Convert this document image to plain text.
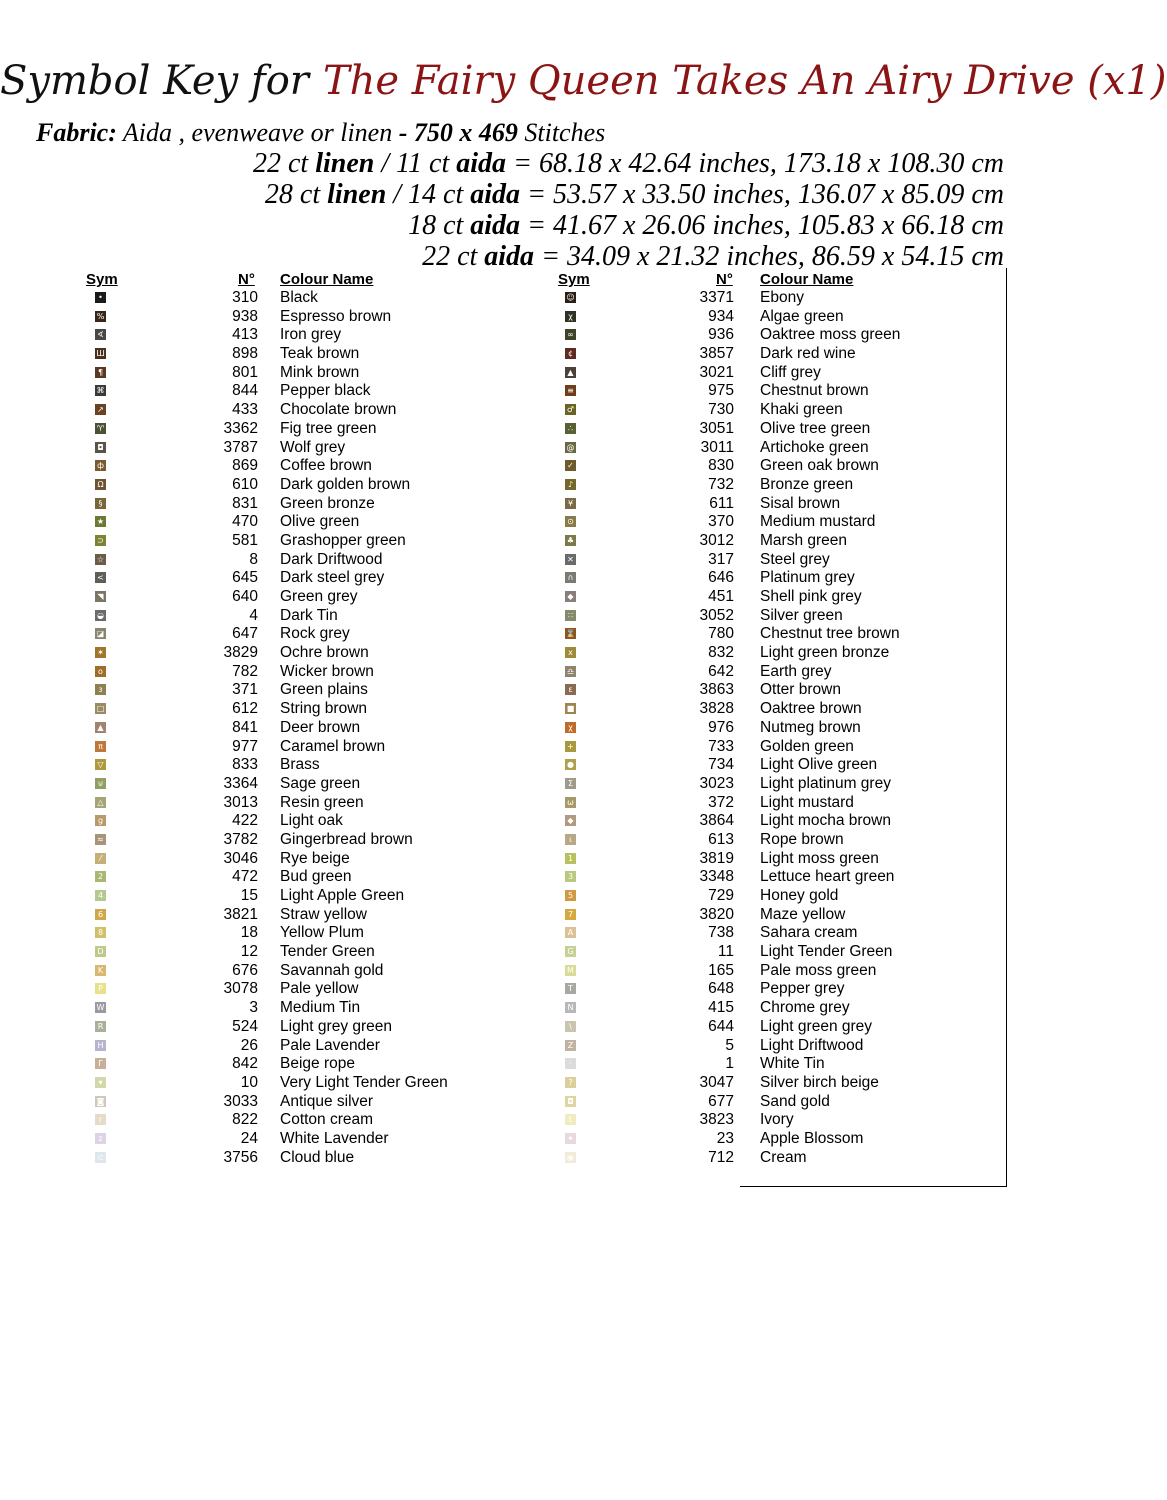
Symbol Key for The Fairy Queen Takes An Airy Drive (x1)
Fabric: Aida , evenweave or linen - 750 x 469 Stitches
22 ct linen / 11 ct aida = 68.18 x 42.64 inches, 173.18 x 108.30 cm
28 ct linen / 14 ct aida = 53.57 x 33.50 inches, 136.07 x 85.09 cm
18 ct aida = 41.67 x 26.06 inches, 105.83 x 66.18 cm
22 ct aida = 34.09 x 21.32 inches, 86.59 x 54.15 cm
Sym	N° Colour Name
•	310 Black
%	938 Espresso brown
∢	413 Iron grey
Ш	898 Teak brown
¶	801 Mink brown
⌘	844 Pepper black
↗	433 Chocolate brown
♈	3362 Fig tree green
◘	3787 Wolf grey
ф	869 Coffee brown
Ω	610 Dark golden brown
§	831 Green bronze
★	470 Olive green
⊃	581 Grashopper green
☆	8 Dark Driftwood
<	645 Dark steel grey
◥	640 Green grey
◒	4 Dark Tin
◪	647 Rock grey
✶	3829 Ochre brown
o	782 Wicker brown
ɜ	371 Green plains
□	612 String brown
▲	841 Deer brown
π	977 Caramel brown
▽	833 Brass
⊍	3364 Sage green
△	3013 Resin green
g	422 Light oak
≈	3782 Gingerbread brown
⁄	3046 Rye beige
2	472 Bud green
4	15 Light Apple Green
6	3821 Straw yellow
8	18 Yellow Plum
D	12 Tender Green
K	676 Savannah gold
P	3078 Pale yellow
W	3 Medium Tin
R	524 Light grey green
H	26 Pale Lavender
Γ	842 Beige rope
▾	10 Very Light Tender Green
◙	3033 Antique silver
r	822 Cotton cream
z	24 White Lavender
⊂	3756 Cloud blue
Sym	N° Colour Name
☺	3371 Ebony
χ	934 Algae green
∞	936 Oaktree moss green
¢	3857 Dark red wine
▲	3021 Cliff grey
≡	975 Chestnut brown
♂	730 Khaki green
∴	3051 Olive tree green
@	3011 Artichoke green
✓	830 Green oak brown
♪	732 Bronze green
¥	611 Sisal brown
⊙	370 Medium mustard
♣	3012 Marsh green
✕	317 Steel grey
∩	646 Platinum grey
◆	451 Shell pink grey
∷	3052 Silver green
⌛	780 Chestnut tree brown
x	832 Light green bronze
♎	642 Earth grey
ε	3863 Otter brown
■	3828 Oaktree brown
χ	976 Nutmeg brown
+	733 Golden green
●	734 Light Olive green
Σ	3023 Light platinum grey
ω	372 Light mustard
◆	3864 Light mocha brown
ι	613 Rope brown
1	3819 Light moss green
3	3348 Lettuce heart green
5	729 Honey gold
7	3820 Maze yellow
A	738 Sahara cream
G	11 Light Tender Green
M	165 Pale moss green
T	648 Pepper grey
N	415 Chrome grey
\	644 Light green grey
Z	5 Light Driftwood
·	1 White Tin
?	3047 Silver birch beige
◘	677 Sand gold
t	3823 Ivory
✦	23 Apple Blossom
◉	712 Cream
